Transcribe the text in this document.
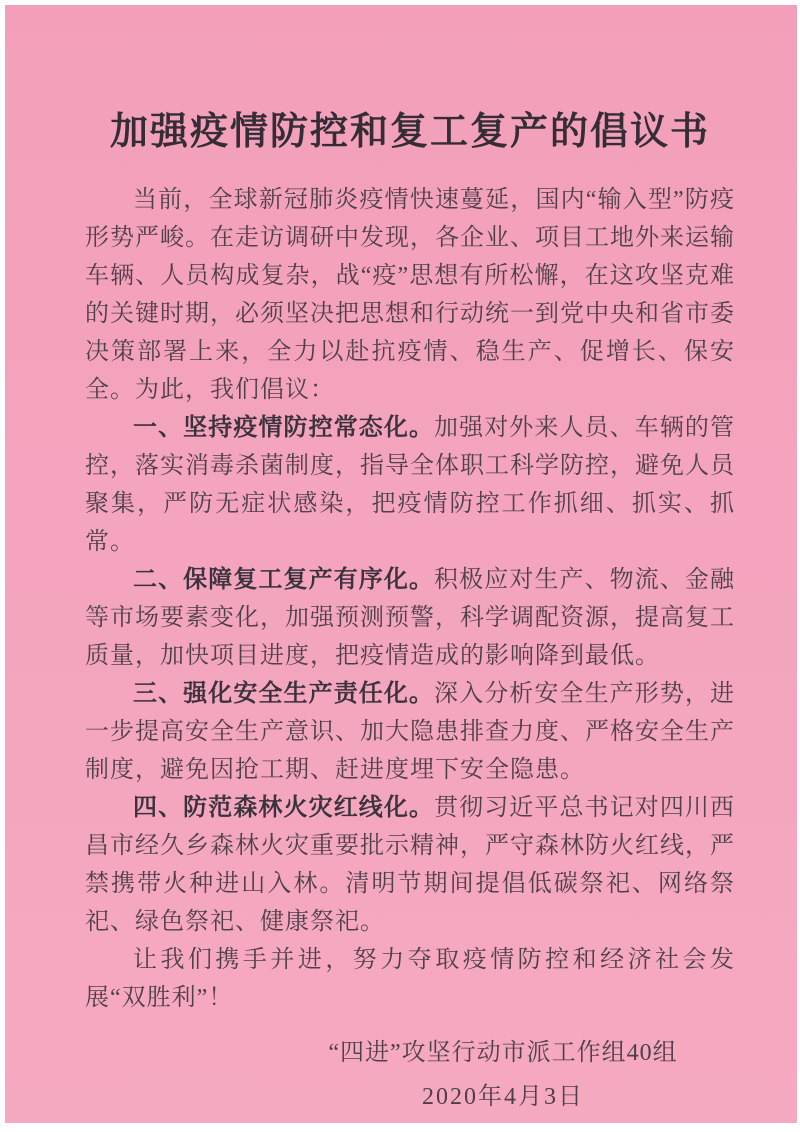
加强疫情防控和复工复产的倡议书

当前，全球新冠肺炎疫情快速蔓延，国内“输入型”防疫形势严峻。在走访调研中发现，各企业、项目工地外来运输车辆、人员构成复杂，战“疫”思想有所松懈，在这攻坚克难的关键时期，必须坚决把思想和行动统一到党中央和省市委决策部署上来，全力以赴抗疫情、稳生产、促增长、保安全。为此，我们倡议：

一、坚持疫情防控常态化。加强对外来人员、车辆的管控，落实消毒杀菌制度，指导全体职工科学防控，避免人员聚集，严防无症状感染，把疫情防控工作抓细、抓实、抓常。

二、保障复工复产有序化。积极应对生产、物流、金融等市场要素变化，加强预测预警，科学调配资源，提高复工质量，加快项目进度，把疫情造成的影响降到最低。

三、强化安全生产责任化。深入分析安全生产形势，进一步提高安全生产意识、加大隐患排查力度、严格安全生产制度，避免因抢工期、赶进度埋下安全隐患。

四、防范森林火灾红线化。贯彻习近平总书记对四川西昌市经久乡森林火灾重要批示精神，严守森林防火红线，严禁携带火种进山入林。清明节期间提倡低碳祭祀、网络祭祀、绿色祭祀、健康祭祀。

让我们携手并进，努力夺取疫情防控和经济社会发展“双胜利”！

“四进”攻坚行动市派工作组40组

2020年4月3日
